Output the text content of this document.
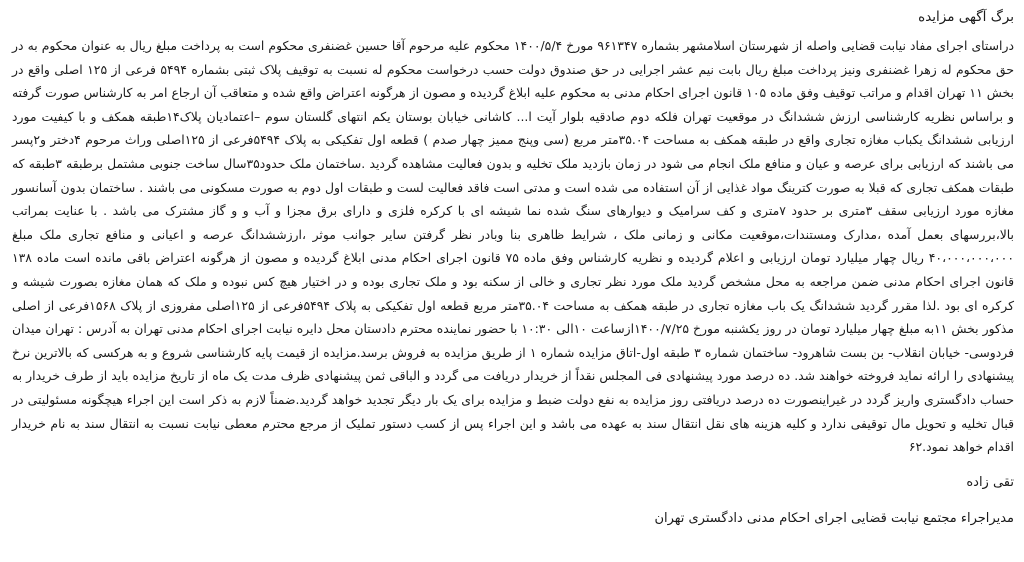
برگ آگهی مزایده

دراستای اجرای مفاد نیابت قضایی واصله از شهرستان اسلامشهر بشماره ۹۶۱۳۴۷ مورخ ۱۴۰۰/۵/۴ محکوم علیه مرحوم آقا حسین غضنفری محکوم است به پرداخت مبلغ ریال به عنوان محکوم به در حق محکوم له زهرا غضنفری ونیز پرداخت مبلغ ریال بابت نیم عشر اجرایی در حق صندوق دولت حسب درخواست محکوم له نسبت به توقیف پلاک ثبتی بشماره ۵۴۹۴ فرعی از ۱۲۵ اصلی واقع در بخش ۱۱ تهران اقدام و مراتب توقیف وفق ماده ۱۰۵ قانون اجرای احکام مدنی به محکوم علیه ابلاغ گردیده و مصون از هرگونه اعتراض واقع شده و متعاقب آن ارجاع امر به کارشناس صورت گرفته و براساس نظریه کارشناسی ارزش ششدانگ در موقعیت تهران فلکه دوم صادقیه بلوار آیت ا... کاشانی خیابان بوستان یکم انتهای گلستان سوم –اعتمادیان پلاک۱۴طبقه همکف و با کیفیت مورد ارزیابی ششدانگ یکباب مغازه تجاری واقع در طبقه همکف به مساحت ۳۵.۰۴متر مربع (سی وپنج ممیز چهار صدم ) قطعه اول تفکیکی به پلاک ۵۴۹۴فرعی از ۱۲۵اصلی وراث مرحوم ۴دختر و۲پسر می باشند که ارزیابی برای عرصه و عیان و منافع ملک انجام می شود در زمان بازدید ملک تخلیه و بدون فعالیت مشاهده گردید .ساختمان ملک حدود۳۵سال ساخت جنوبی مشتمل برطبقه ۳طبقه که طبقات همکف تجاری که قبلا به صورت کترینگ مواد غذایی از آن استفاده می شده است و مدتی است فاقد فعالیت لست و طبقات اول دوم به صورت مسکونی می باشند . ساختمان بدون آسانسور مغازه مورد ارزیابی سقف ۳متری بر حدود ۷متری و کف سرامیک و دیوارهای سنگ شده نما شیشه ای با کرکره فلزی و دارای برق مجزا و آب و و گاز مشترک می باشد . با عنایت بمراتب بالا،بررسهای بعمل آمده ،مدارک ومستندات،موقعیت مکانی و زمانی ملک ، شرایط ظاهری بنا وبادر نظر گرفتن سایر جوانب موثر ،ارزششدانگ عرصه و اعیانی و منافع تجاری ملک مبلغ ۴۰،۰۰۰،۰۰۰،۰۰۰ ریال چهار میلیارد تومان ارزیابی و اعلام گردیده و نظریه کارشناس وفق ماده ۷۵ قانون اجرای احکام مدنی ابلاغ گردیده و مصون از هرگونه اعتراض باقی مانده است ماده ۱۳۸ قانون اجرای احکام مدنی ضمن مراجعه به محل مشخص گردید ملک مورد نظر تجاری و خالی از سکنه بود و ملک تجاری بوده و در اختیار هیچ کس نبوده و ملک که همان مغازه بصورت شیشه و کرکره ای بود .لذا مقرر گردید ششدانگ یک باب مغازه تجاری در طبقه همکف به مساحت ۳۵.۰۴متر مربع قطعه اول تفکیکی به پلاک ۵۴۹۴فرعی از ۱۲۵اصلی مفروزی از پلاک ۱۵۶۸فرعی از اصلی مذکور بخش ۱۱به مبلغ چهار میلیارد تومان در روز یکشنبه مورخ ۱۴۰۰/۷/۲۵ازساعت ۱۰الی ۱۰:۳۰ با حضور نماینده محترم دادستان محل دایره نیابت اجرای احکام مدنی تهران به آدرس : تهران میدان فردوسی- خیابان انقلاب- بن بست شاهرود- ساختمان شماره ۳ طبقه اول-اتاق مزایده شماره ۱ از طریق مزایده به فروش برسد.مزایده از قیمت پایه کارشناسی شروع و به هرکسی که بالاترین نرخ پیشنهادی را ارائه نماید فروخته خواهند شد. ده درصد مورد پیشنهادی فی المجلس نقداً از خریدار دریافت می گردد و الباقی ثمن پیشنهادی ظرف مدت یک ماه از تاریخ مزایده باید از طرف خریدار به حساب دادگستری واریز گردد در غیراینصورت ده درصد دریافتی روز مزایده به نفع دولت ضبط و مزایده برای یک بار دیگر تجدید خواهد گردید.ضمناً لازم به ذکر است این اجراء هیچگونه مسئولیتی در قبال تخلیه و تحویل مال توقیفی ندارد و کلیه هزینه های نقل انتقال سند به عهده می باشد و این اجراء پس از کسب دستور تملیک از مرجع محترم معطی نیابت نسبت به انتقال سند به نام خریدار اقدام خواهد نمود.۶۲

تقی زاده
مدیراجراء مجتمع نیابت قضایی اجرای احکام مدنی دادگستری تهران
